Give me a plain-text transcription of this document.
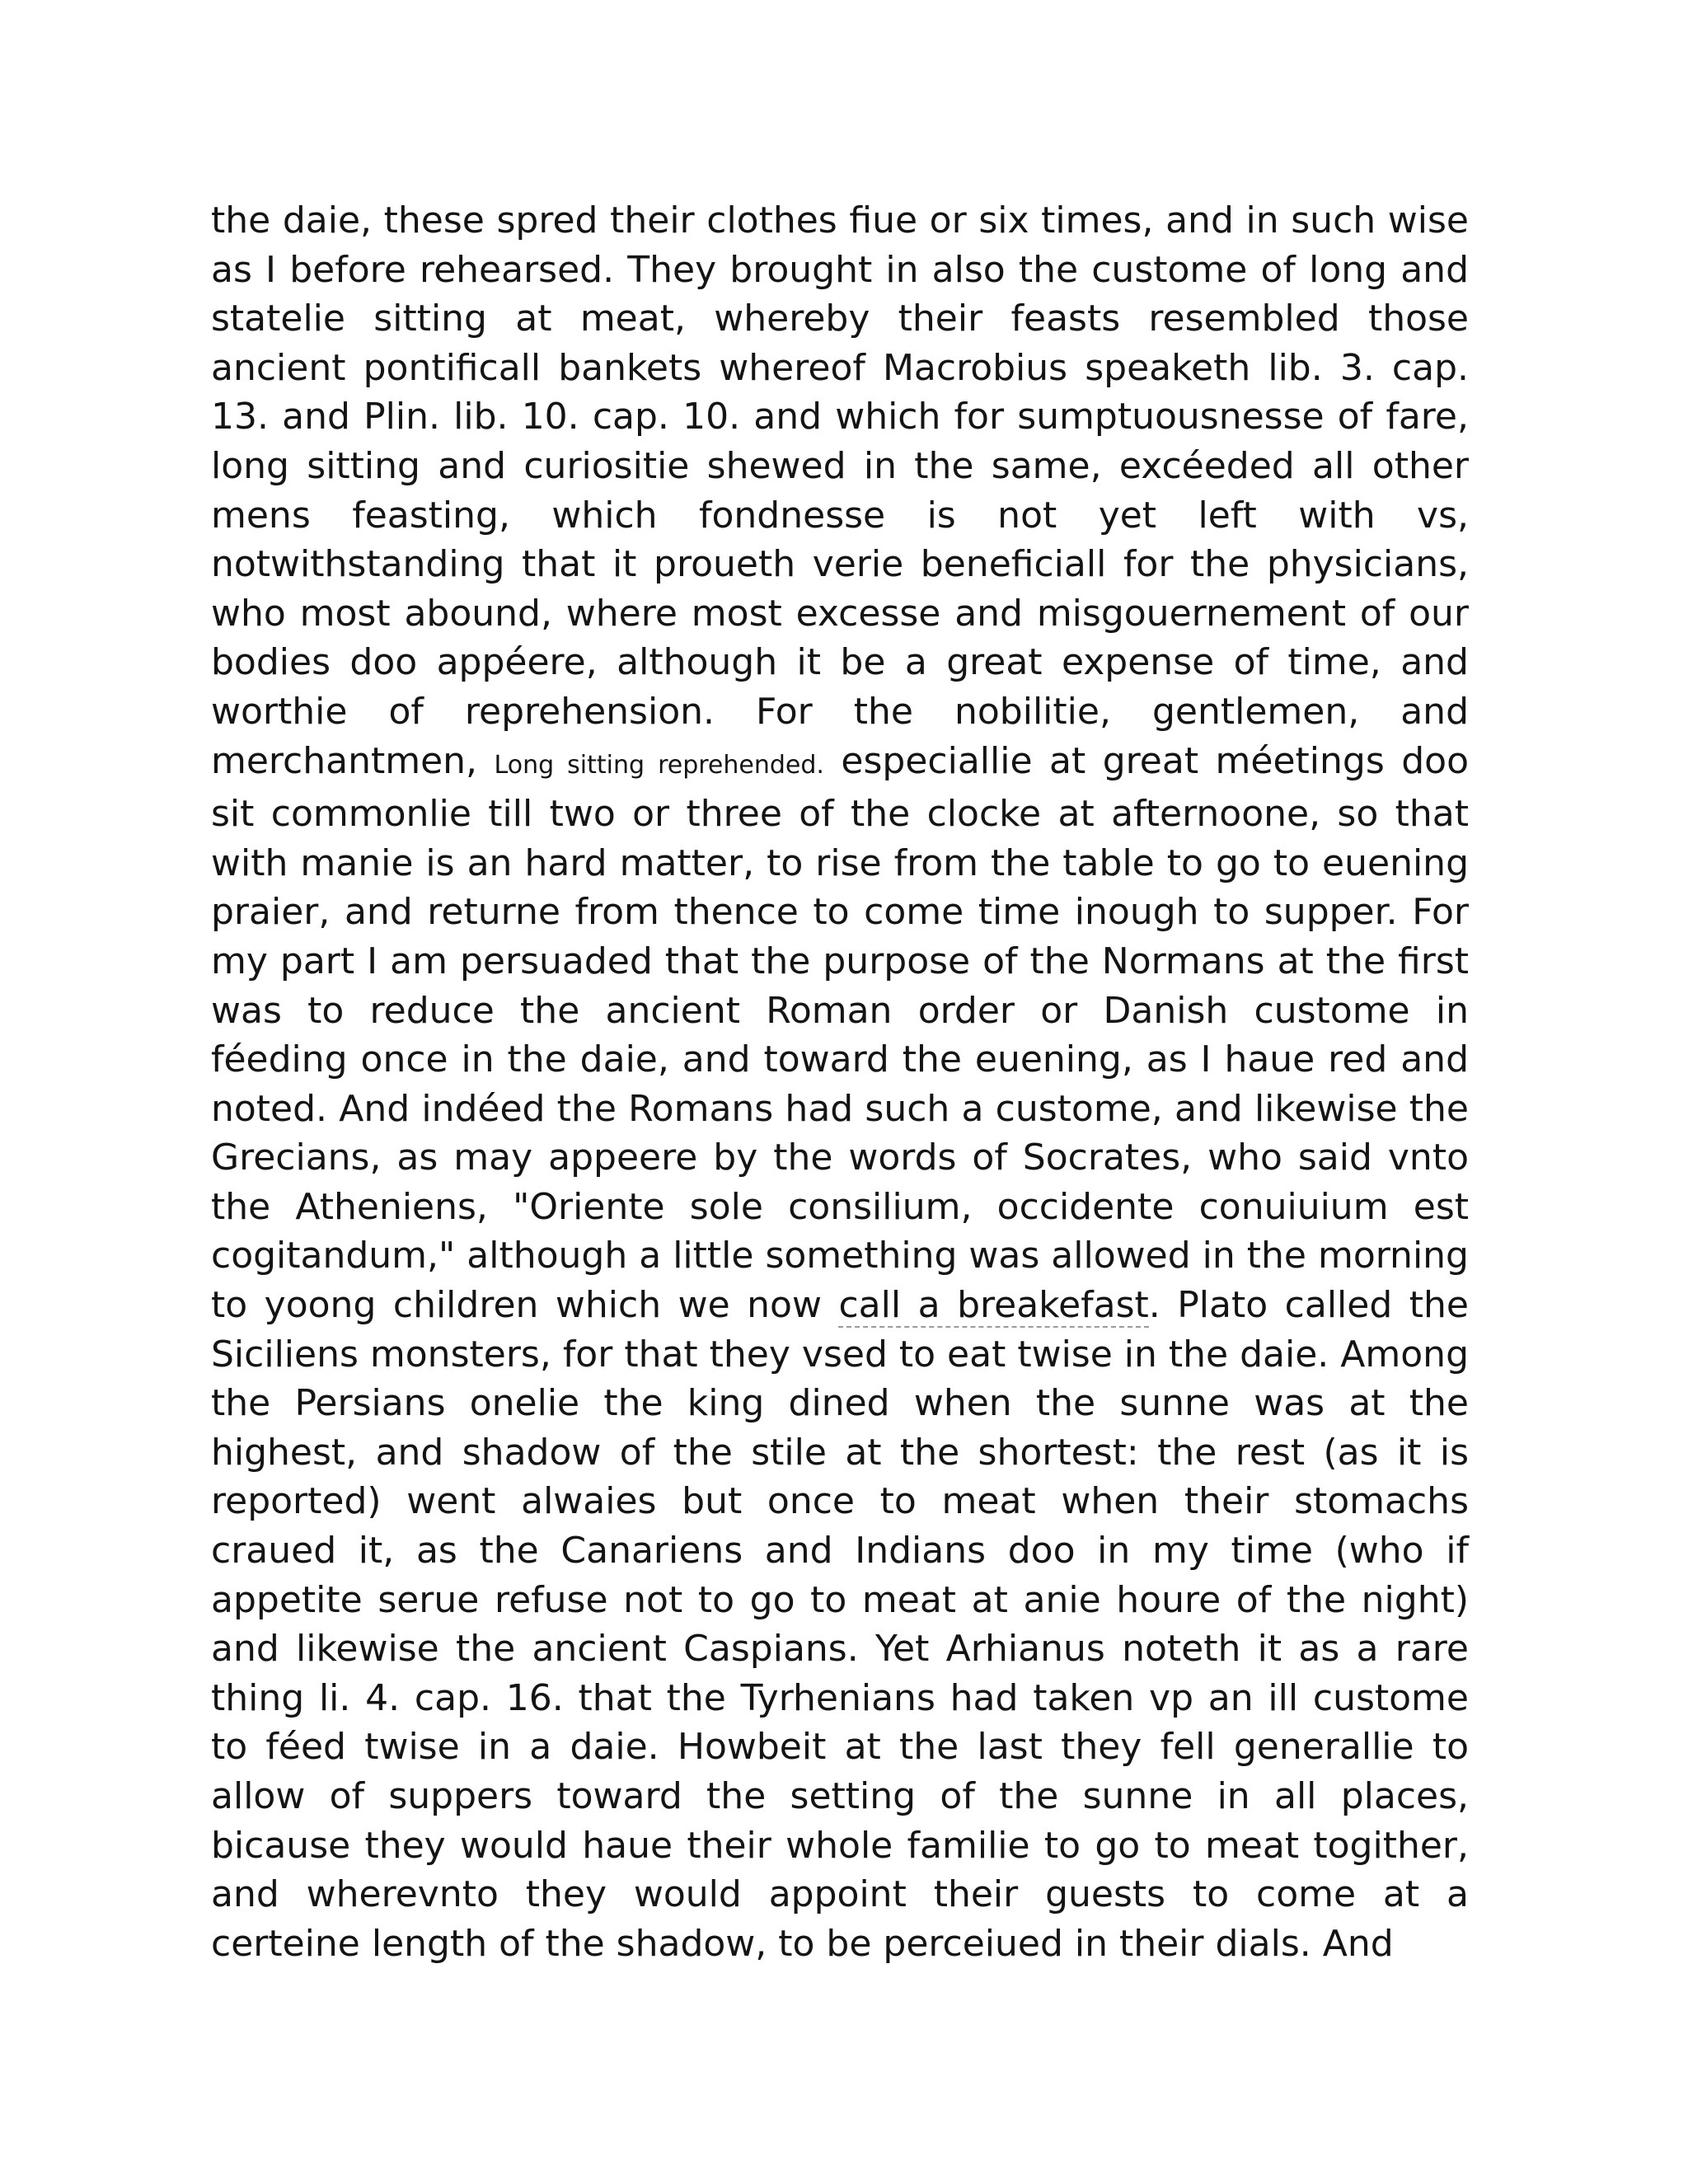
the daie, these spred their clothes fiue or six times, and in such wise as I before rehearsed. They brought in also the custome of long and statelie sitting at meat, whereby their feasts resembled those ancient pontificall bankets whereof Macrobius speaketh lib. 3. cap. 13. and Plin. lib. 10. cap. 10. and which for sumptuousnesse of fare, long sitting and curiositie shewed in the same, excéeded all other mens feasting, which fondnesse is not yet left with vs, notwithstanding that it proueth verie beneficiall for the physicians, who most abound, where most excesse and misgouernement of our bodies doo appéere, although it be a great expense of time, and worthie of reprehension. For the nobilitie, gentlemen, and merchantmen, Long sitting reprehended. especiallie at great méetings doo sit commonlie till two or three of the clocke at afternoone, so that with manie is an hard matter, to rise from the table to go to euening praier, and returne from thence to come time inough to supper. For my part I am persuaded that the purpose of the Normans at the first was to reduce the ancient Roman order or Danish custome in féeding once in the daie, and toward the euening, as I haue red and noted. And indéed the Romans had such a custome, and likewise the Grecians, as may appeere by the words of Socrates, who said vnto the Atheniens, "Oriente sole consilium, occidente conuiuium est cogitandum," although a little something was allowed in the morning to yoong children which we now call a breakefast. Plato called the Siciliens monsters, for that they vsed to eat twise in the daie. Among the Persians onelie the king dined when the sunne was at the highest, and shadow of the stile at the shortest: the rest (as it is reported) went alwaies but once to meat when their stomachs craued it, as the Canariens and Indians doo in my time (who if appetite serue refuse not to go to meat at anie houre of the night) and likewise the ancient Caspians. Yet Arhianus noteth it as a rare thing li. 4. cap. 16. that the Tyrhenians had taken vp an ill custome to féed twise in a daie. Howbeit at the last they fell generallie to allow of suppers toward the setting of the sunne in all places, bicause they would haue their whole familie to go to meat togither, and wherevnto they would appoint their guests to come at a certeine length of the shadow, to be perceiued in their dials. And
